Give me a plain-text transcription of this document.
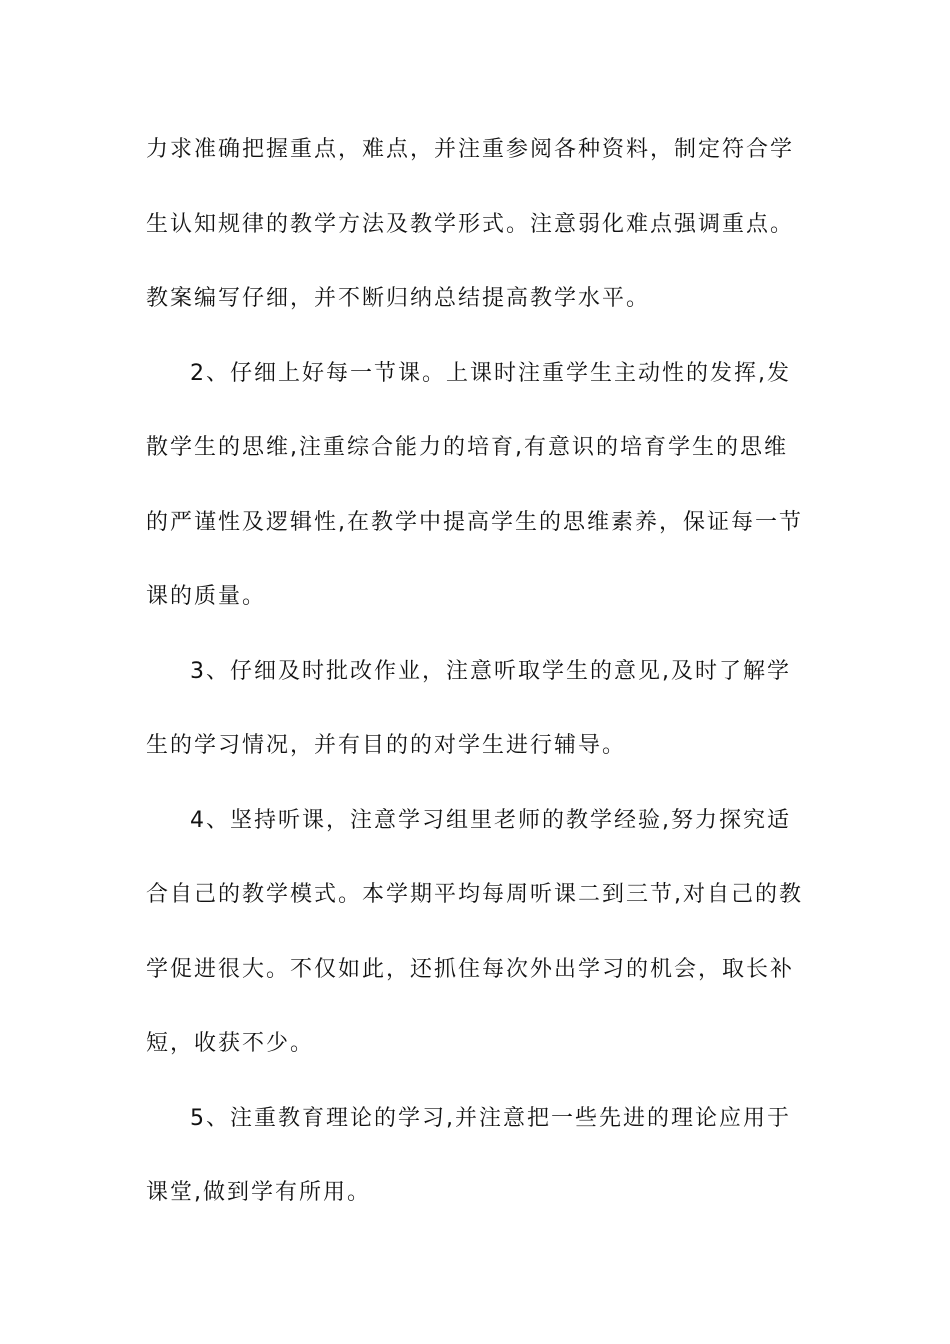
力求准确把握重点，难点，并注重参阅各种资料，制定符合学
生认知规律的教学方法及教学形式。注意弱化难点强调重点。
教案编写仔细，并不断归纳总结提高教学水平。
2、仔细上好每一节课。上课时注重学生主动性的发挥,发
散学生的思维,注重综合能力的培育,有意识的培育学生的思维
的严谨性及逻辑性,在教学中提高学生的思维素养，保证每一节
课的质量。
3、仔细及时批改作业，注意听取学生的意见,及时了解学
生的学习情况，并有目的的对学生进行辅导。
4、坚持听课，注意学习组里老师的教学经验,努力探究适
合自己的教学模式。本学期平均每周听课二到三节,对自己的教
学促进很大。不仅如此，还抓住每次外出学习的机会，取长补
短，收获不少。
5、注重教育理论的学习,并注意把一些先进的理论应用于
课堂,做到学有所用。
